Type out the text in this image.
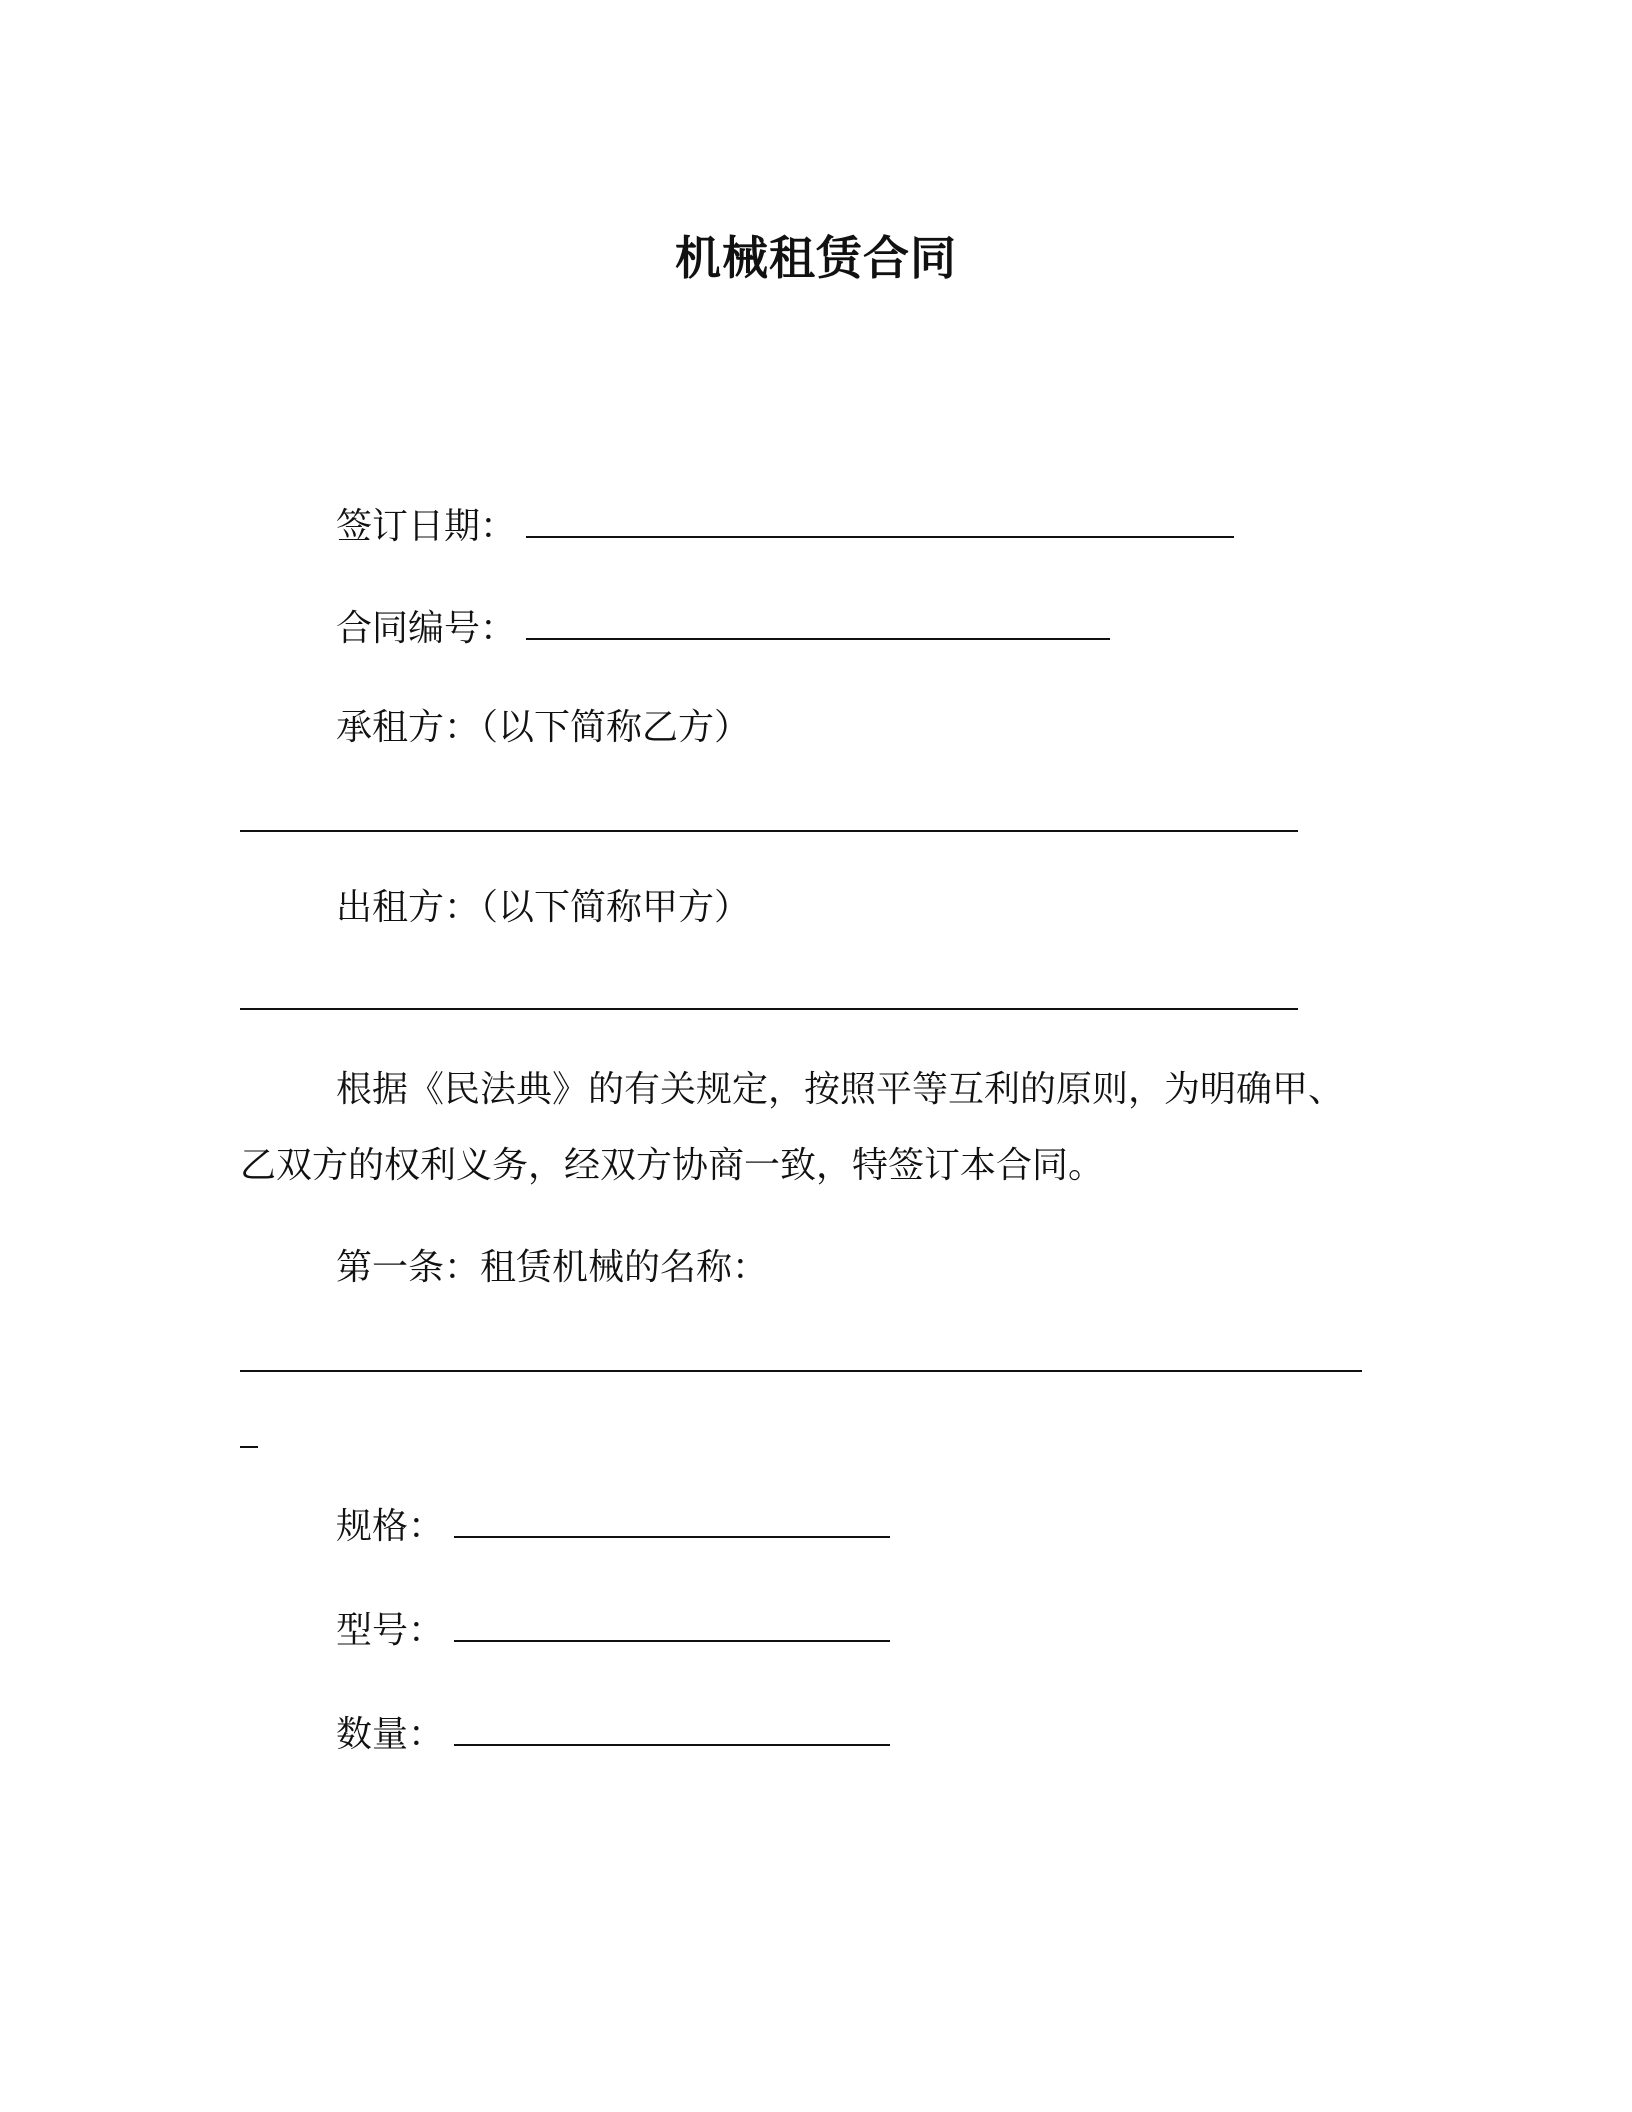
机械租赁合同
签订日期：
合同编号：
承租方：（以下简称乙方）
出租方：（以下简称甲方）
根据《民法典》的有关规定，按照平等互利的原则，为明确甲、
乙双方的权利义务，经双方协商一致，特签订本合同。
第一条：租赁机械的名称：
规格：
型号：
数量：
